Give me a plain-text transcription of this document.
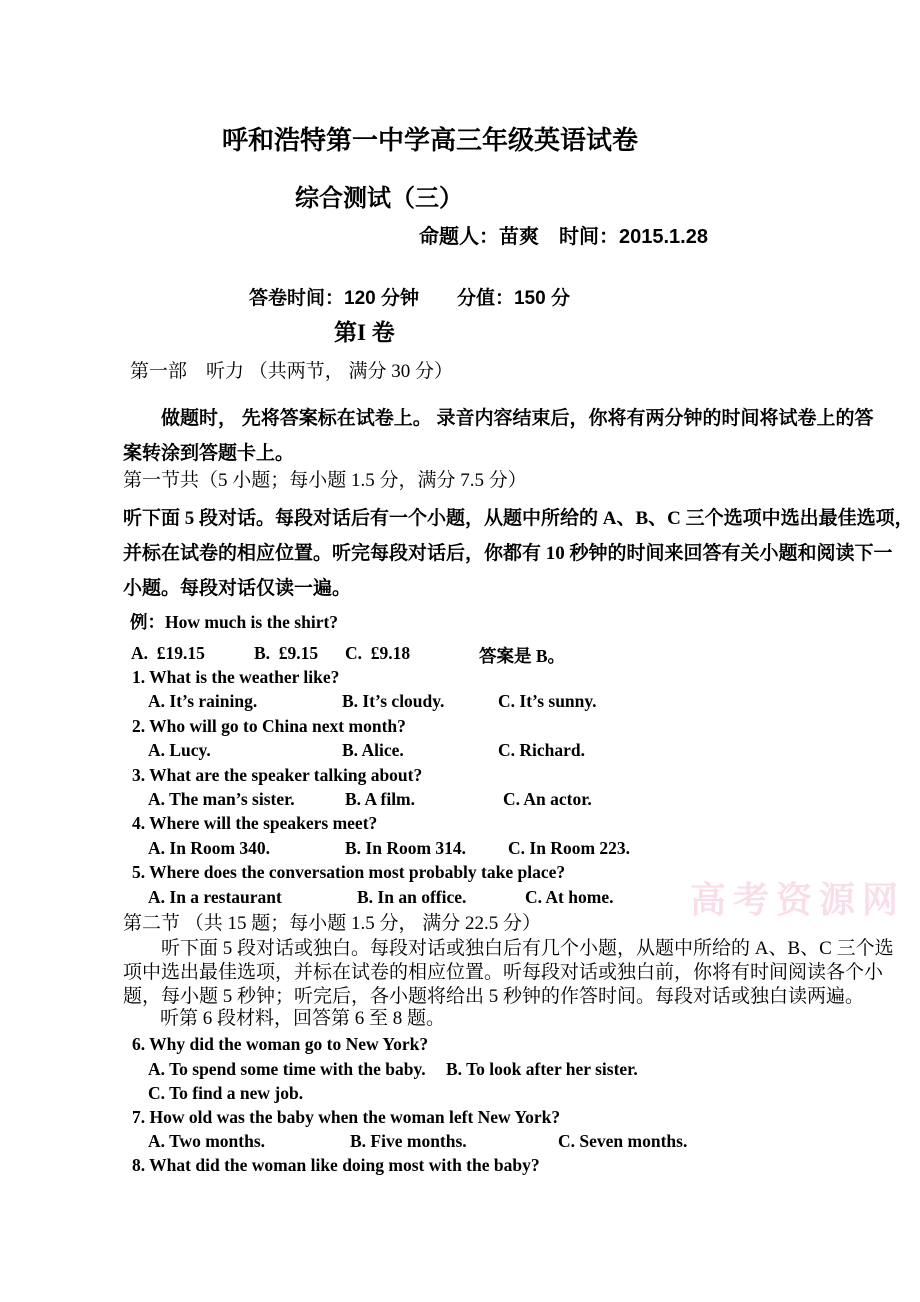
高考资源网
呼和浩特第一中学高三年级英语试卷
综合测试（三）
命题人：苗爽　时间：2015.1.28
答卷时间：120 分钟　　分值：150 分
第I 卷
第一部　听力 （共两节， 满分 30 分）
做题时， 先将答案标在试卷上。 录音内容结束后，你将有两分钟的时间将试卷上的答
案转涂到答题卡上。
第一节共（5 小题；每小题 1.5 分，满分 7.5 分）
听下面 5 段对话。每段对话后有一个小题，从题中所给的 A、B、C 三个选项中选出最佳选项，
并标在试卷的相应位置。听完每段对话后，你都有 10 秒钟的时间来回答有关小题和阅读下一
小题。每段对话仅读一遍。
例：How much is the shirt?
A.  £19.15	B.  £9.15 C.  £9.18	答案是 B。
1. What is the weather like?
A. It’s raining.	B. It’s cloudy.	C. It’s sunny.
2. Who will go to China next month?
A. Lucy.	B. Alice.	C. Richard.
3. What are the speaker talking about?
A. The man’s sister.	B. A film.	C. An actor.
4. Where will the speakers meet?
A. In Room 340.	B. In Room 314. C. In Room 223.
5. Where does the conversation most probably take place?
A. In a restaurant	B. In an office.	C. At home.
第二节 （共 15 题；每小题 1.5 分， 满分 22.5 分）
听下面 5 段对话或独白。每段对话或独白后有几个小题，从题中所给的 A、B、C 三个选
项中选出最佳选项，并标在试卷的相应位置。听每段对话或独白前，你将有时间阅读各个小
题，每小题 5 秒钟；听完后，各小题将给出 5 秒钟的作答时间。每段对话或独白读两遍。
听第 6 段材料，回答第 6 至 8 题。
6. Why did the woman go to New York?
A. To spend some time with the baby. B. To look after her sister.
C. To find a new job.
7. How old was the baby when the woman left New York?
A. Two months.	B. Five months.	C. Seven months.
8. What did the woman like doing most with the baby?
